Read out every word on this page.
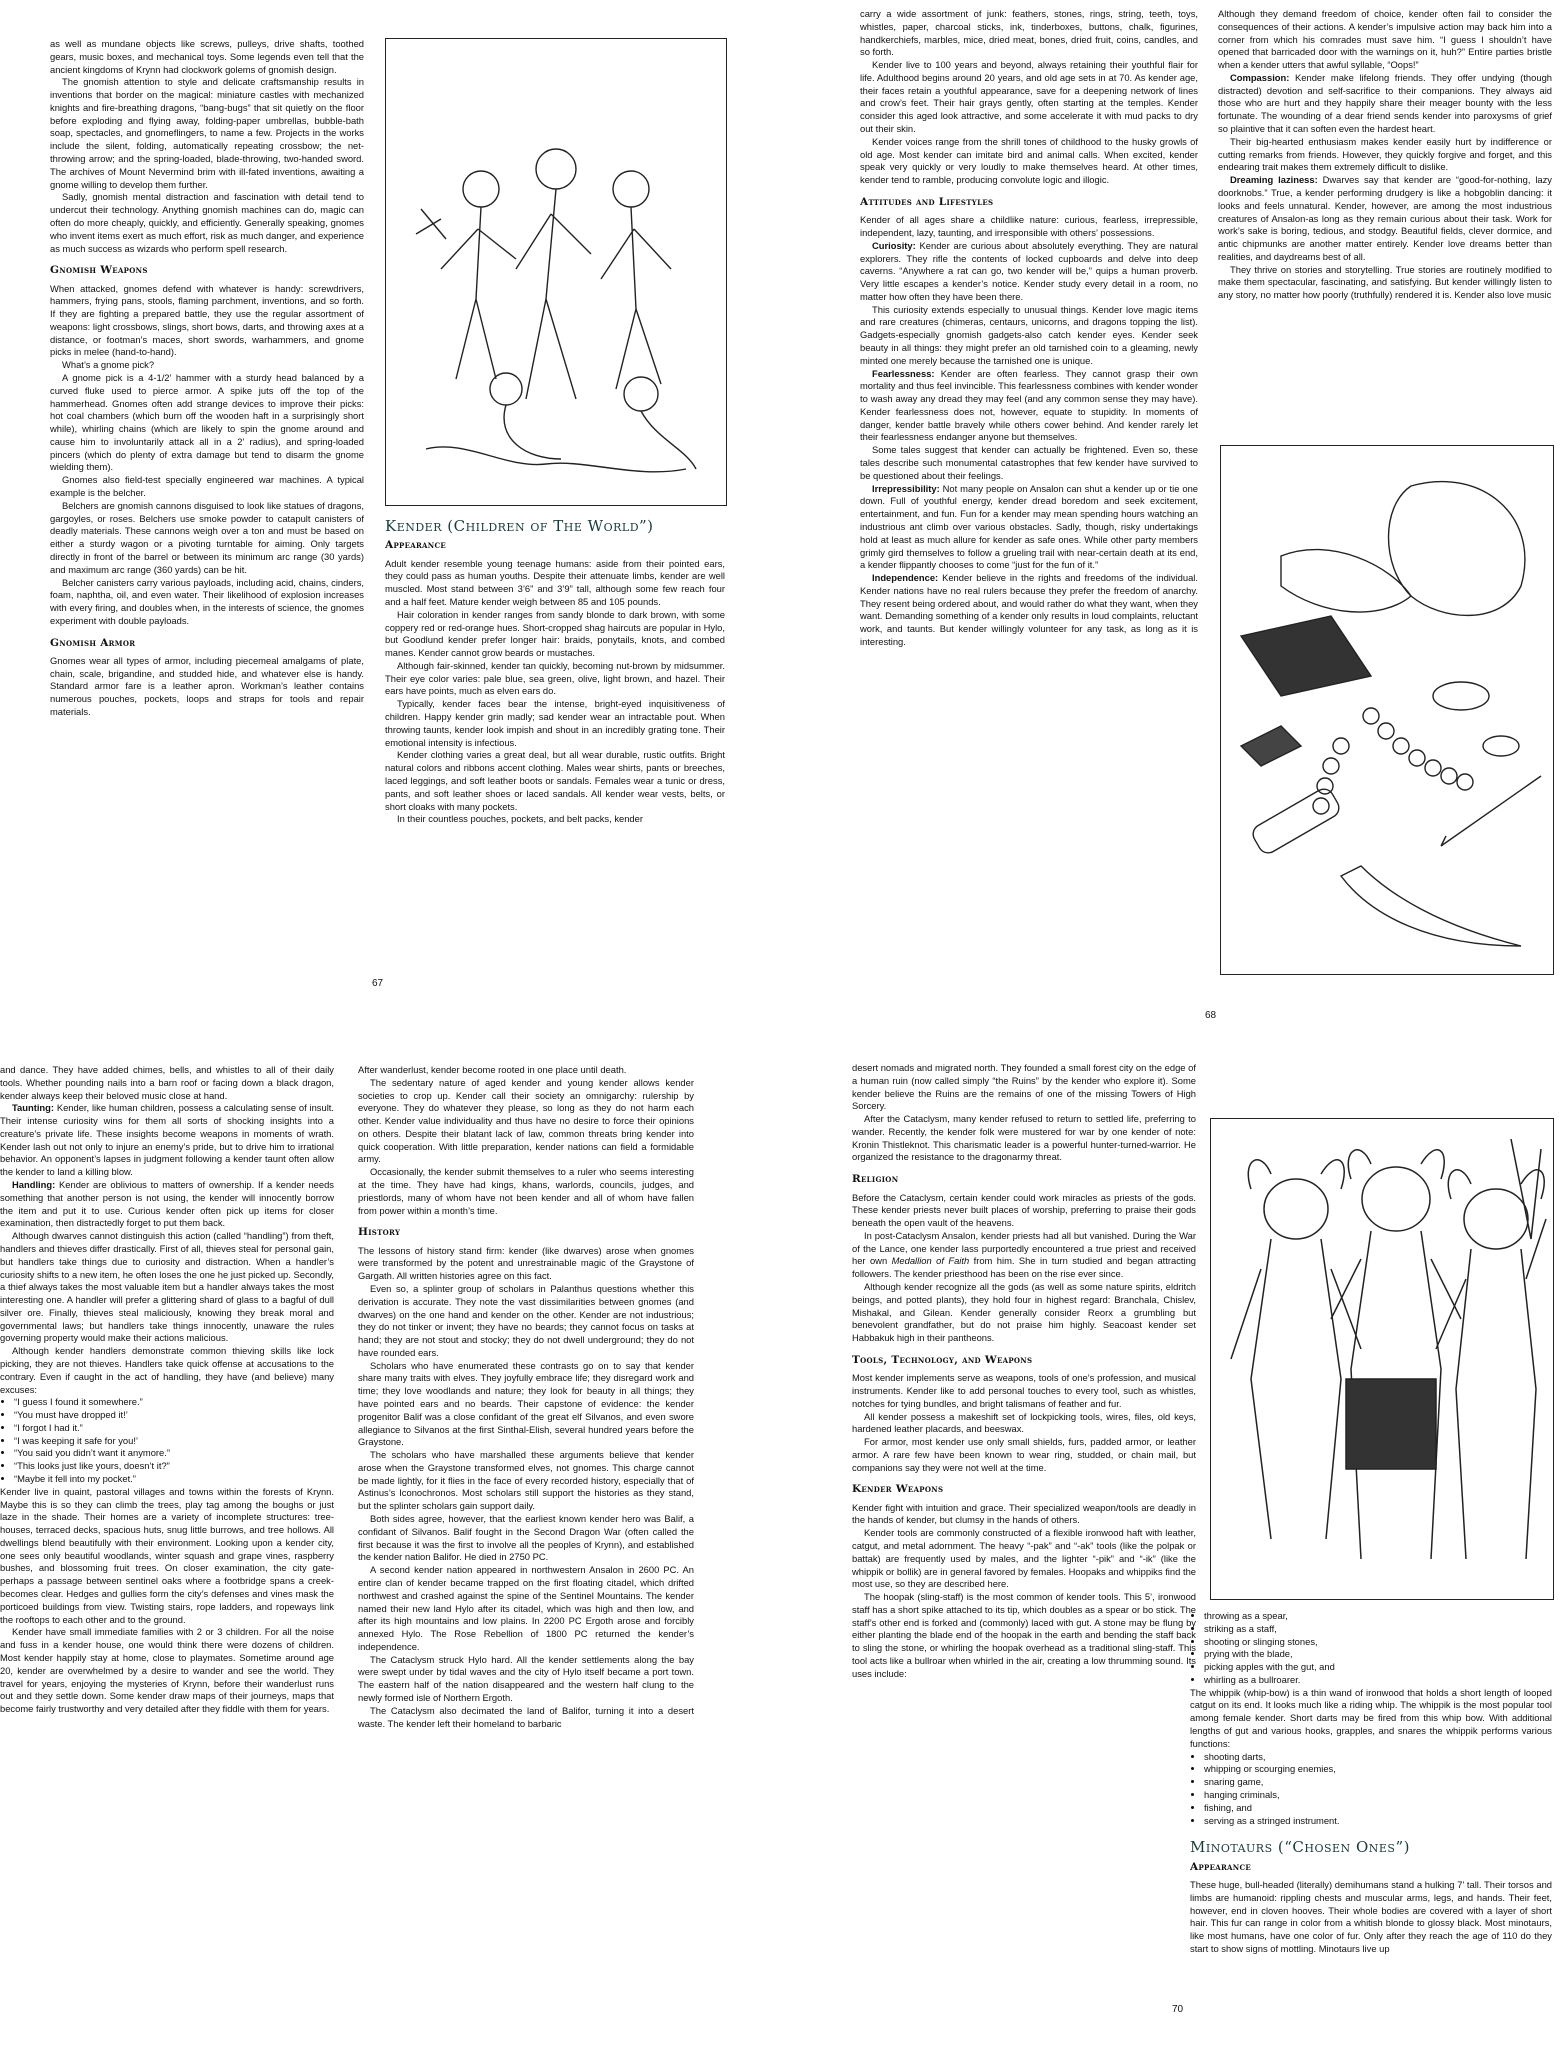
as well as mundane objects like screws, pulleys, drive shafts, toothed gears, music boxes, and mechanical toys. Some legends even tell that the ancient kingdoms of Krynn had clockwork golems of gnomish design.

The gnomish attention to style and delicate craftsmanship results in inventions that border on the magical: miniature castles with mechanized knights and fire-breathing dragons, “bang-bugs” that sit quietly on the floor before exploding and flying away, folding-paper umbrellas, bubble-bath soap, spectacles, and gnomeflingers, to name a few. Projects in the works include the silent, folding, automatically repeating crossbow; the net-throwing arrow; and the spring-loaded, blade-throwing, two-handed sword. The archives of Mount Nevermind brim with ill-fated inventions, awaiting a gnome willing to develop them further.

Sadly, gnomish mental distraction and fascination with detail tend to undercut their technology. Anything gnomish machines can do, magic can often do more cheaply, quickly, and efficiently. Generally speaking, gnomes who invent items exert as much effort, risk as much danger, and experience as much success as wizards who perform spell research.

Gnomish Weapons

When attacked, gnomes defend with whatever is handy: screwdrivers, hammers, frying pans, stools, flaming parchment, inventions, and so forth. If they are fighting a prepared battle, they use the regular assortment of weapons: light crossbows, slings, short bows, darts, and throwing axes at a distance, or footman’s maces, short swords, warhammers, and gnome picks in melee (hand-to-hand).

What’s a gnome pick?

A gnome pick is a 4-1/2’ hammer with a sturdy head balanced by a curved fluke used to pierce armor. A spike juts off the top of the hammerhead. Gnomes often add strange devices to improve their picks: hot coal chambers (which burn off the wooden haft in a surprisingly short while), whirling chains (which are likely to spin the gnome around and cause him to involuntarily attack all in a 2’ radius), and spring-loaded pincers (which do plenty of extra damage but tend to disarm the gnome wielding them).

Gnomes also field-test specially engineered war machines. A typical example is the belcher.

Belchers are gnomish cannons disguised to look like statues of dragons, gargoyles, or roses. Belchers use smoke powder to catapult canisters of deadly materials. These cannons weigh over a ton and must be based on either a sturdy wagon or a pivoting turntable for aiming. Only targets directly in front of the barrel or between its minimum arc range (30 yards) and maximum arc range (360 yards) can be hit.

Belcher canisters carry various payloads, including acid, chains, cinders, foam, naphtha, oil, and even water. Their likelihood of explosion increases with every firing, and doubles when, in the interests of science, the gnomes experiment with double payloads.

Gnomish Armor

Gnomes wear all types of armor, including piecemeal amalgams of plate, chain, scale, brigandine, and studded hide, and whatever else is handy. Standard armor fare is a leather apron. Workman’s leather contains numerous pouches, pockets, loops and straps for tools and repair materials.

Kender (Children of The World”)
Appearance

Adult kender resemble young teenage humans: aside from their pointed ears, they could pass as human youths. Despite their attenuate limbs, kender are well muscled. Most stand between 3’6” and 3’9” tall, although some few reach four and a half feet. Mature kender weigh between 85 and 105 pounds.

Hair coloration in kender ranges from sandy blonde to dark brown, with some coppery red or red-orange hues. Short-cropped shag haircuts are popular in Hylo, but Goodlund kender prefer longer hair: braids, ponytails, knots, and combed manes. Kender cannot grow beards or mustaches.

Although fair-skinned, kender tan quickly, becoming nut-brown by midsummer. Their eye color varies: pale blue, sea green, olive, light brown, and hazel. Their ears have points, much as elven ears do.

Typically, kender faces bear the intense, bright-eyed inquisitiveness of children. Happy kender grin madly; sad kender wear an intractable pout. When throwing taunts, kender look impish and shout in an incredibly grating tone. Their emotional intensity is infectious.

Kender clothing varies a great deal, but all wear durable, rustic outfits. Bright natural colors and ribbons accent clothing. Males wear shirts, pants or breeches, laced leggings, and soft leather boots or sandals. Females wear a tunic or dress, pants, and soft leather shoes or laced sandals. All kender wear vests, belts, or short cloaks with many pockets.

In their countless pouches, pockets, and belt packs, kender

67

carry a wide assortment of junk: feathers, stones, rings, string, teeth, toys, whistles, paper, charcoal sticks, ink, tinderboxes, buttons, chalk, figurines, handkerchiefs, marbles, mice, dried meat, bones, dried fruit, coins, candles, and so forth.

Kender live to 100 years and beyond, always retaining their youthful flair for life. Adulthood begins around 20 years, and old age sets in at 70. As kender age, their faces retain a youthful appearance, save for a deepening network of lines and crow’s feet. Their hair grays gently, often starting at the temples. Kender consider this aged look attractive, and some accelerate it with mud packs to dry out their skin.

Kender voices range from the shrill tones of childhood to the husky growls of old age. Most kender can imitate bird and animal calls. When excited, kender speak very quickly or very loudly to make themselves heard. At other times, kender tend to ramble, producing convolute logic and illogic.

Attitudes and Lifestyles

Kender of all ages share a childlike nature: curious, fearless, irrepressible, independent, lazy, taunting, and irresponsible with others’ possessions.

Curiosity: Kender are curious about absolutely everything. They are natural explorers. They rifle the contents of locked cupboards and delve into deep caverns. “Anywhere a rat can go, two kender will be,” quips a human proverb. Very little escapes a kender’s notice. Kender study every detail in a room, no matter how often they have been there.

This curiosity extends especially to unusual things. Kender love magic items and rare creatures (chimeras, centaurs, unicorns, and dragons topping the list). Gadgets-especially gnomish gadgets-also catch kender eyes. Kender seek beauty in all things: they might prefer an old tarnished coin to a gleaming, newly minted one merely because the tarnished one is unique.

Fearlessness: Kender are often fearless. They cannot grasp their own mortality and thus feel invincible. This fearlessness combines with kender wonder to wash away any dread they may feel (and any common sense they may have). Kender fearlessness does not, however, equate to stupidity. In moments of danger, kender battle bravely while others cower behind. And kender rarely let their fearlessness endanger anyone but themselves.

Some tales suggest that kender can actually be frightened. Even so, these tales describe such monumental catastrophes that few kender have survived to be questioned about their feelings.

Irrepressibility: Not many people on Ansalon can shut a kender up or tie one down. Full of youthful energy, kender dread boredom and seek excitement, entertainment, and fun. Fun for a kender may mean spending hours watching an industrious ant climb over various obstacles. Sadly, though, risky undertakings hold at least as much allure for kender as safe ones. While other party members grimly gird themselves to follow a grueling trail with near-certain death at its end, a kender flippantly chooses to come “just for the fun of it.”

Independence: Kender believe in the rights and freedoms of the individual. Kender nations have no real rulers because they prefer the freedom of anarchy. They resent being ordered about, and would rather do what they want, when they want. Demanding something of a kender only results in loud complaints, reluctant work, and taunts. But kender willingly volunteer for any task, as long as it is interesting.

Although they demand freedom of choice, kender often fail to consider the consequences of their actions. A kender’s impulsive action may back him into a corner from which his comrades must save him. “I guess I shouldn’t have opened that barricaded door with the warnings on it, huh?” Entire parties bristle when a kender utters that awful syllable, “Oops!”

Compassion: Kender make lifelong friends. They offer undying (though distracted) devotion and self-sacrifice to their companions. They always aid those who are hurt and they happily share their meager bounty with the less fortunate. The wounding of a dear friend sends kender into paroxysms of grief so plaintive that it can soften even the hardest heart.

Their big-hearted enthusiasm makes kender easily hurt by indifference or cutting remarks from friends. However, they quickly forgive and forget, and this endearing trait makes them extremely difficult to dislike.

Dreaming laziness: Dwarves say that kender are “good-for-nothing, lazy doorknobs.” True, a kender performing drudgery is like a hobgoblin dancing: it looks and feels unnatural. Kender, however, are among the most industrious creatures of Ansalon-as long as they remain curious about their task. Work for work’s sake is boring, tedious, and stodgy. Beautiful fields, clever dormice, and antic chipmunks are another matter entirely. Kender love dreams better than realities, and daydreams best of all.

They thrive on stories and storytelling. True stories are routinely modified to make them spectacular, fascinating, and satisfying. But kender willingly listen to any story, no matter how poorly (truthfully) rendered it is. Kender also love music

68

and dance. They have added chimes, bells, and whistles to all of their daily tools. Whether pounding nails into a barn roof or facing down a black dragon, kender always keep their beloved music close at hand.

Taunting: Kender, like human children, possess a calculating sense of insult. Their intense curiosity wins for them all sorts of shocking insights into a creature’s private life. These insights become weapons in moments of wrath. Kender lash out not only to injure an enemy’s pride, but to drive him to irrational behavior. An opponent’s lapses in judgment following a kender taunt often allow the kender to land a killing blow.

Handling: Kender are oblivious to matters of ownership. If a kender needs something that another person is not using, the kender will innocently borrow the item and put it to use. Curious kender often pick up items for closer examination, then distractedly forget to put them back.

Although dwarves cannot distinguish this action (called “handling”) from theft, handlers and thieves differ drastically. First of all, thieves steal for personal gain, but handlers take things due to curiosity and distraction. When a handler’s curiosity shifts to a new item, he often loses the one he just picked up. Secondly, a thief always takes the most valuable item but a handler always takes the most interesting one. A handler will prefer a glittering shard of glass to a bagful of dull silver ore. Finally, thieves steal maliciously, knowing they break moral and governmental laws; but handlers take things innocently, unaware the rules governing property would make their actions malicious.

Although kender handlers demonstrate common thieving skills like lock picking, they are not thieves. Handlers take quick offense at accusations to the contrary. Even if caught in the act of handling, they have (and believe) many excuses:

• “I guess I found it somewhere.”
• “You must have dropped it!’
• “I forgot I had it.”
• “I was keeping it safe for you!’
• “You said you didn’t want it anymore.”
• “This looks just like yours, doesn’t it?”
• “Maybe it fell into my pocket.”

Kender live in quaint, pastoral villages and towns within the forests of Krynn. Maybe this is so they can climb the trees, play tag among the boughs or just laze in the shade. Their homes are a variety of incomplete structures: tree-houses, terraced decks, spacious huts, snug little burrows, and tree hollows. All dwellings blend beautifully with their environment. Looking upon a kender city, one sees only beautiful woodlands, winter squash and grape vines, raspberry bushes, and blossoming fruit trees. On closer examination, the city gate-perhaps a passage between sentinel oaks where a footbridge spans a creek-becomes clear. Hedges and gullies form the city’s defenses and vines mask the porticoed buildings from view. Twisting stairs, rope ladders, and ropeways link the rooftops to each other and to the ground.

Kender have small immediate families with 2 or 3 children. For all the noise and fuss in a kender house, one would think there were dozens of children. Most kender happily stay at home, close to playmates. Sometime around age 20, kender are overwhelmed by a desire to wander and see the world. They travel for years, enjoying the mysteries of Krynn, before their wanderlust runs out and they settle down. Some kender draw maps of their journeys, maps that become fairly trustworthy and very detailed after they fiddle with them for years.

After wanderlust, kender become rooted in one place until death.

The sedentary nature of aged kender and young kender allows kender societies to crop up. Kender call their society an omnigarchy: rulership by everyone. They do whatever they please, so long as they do not harm each other. Kender value individuality and thus have no desire to force their opinions on others. Despite their blatant lack of law, common threats bring kender into quick cooperation. With little preparation, kender nations can field a formidable army.

Occasionally, the kender submit themselves to a ruler who seems interesting at the time. They have had kings, khans, warlords, councils, judges, and priestlords, many of whom have not been kender and all of whom have fallen from power within a month’s time.

History

The lessons of history stand firm: kender (like dwarves) arose when gnomes were transformed by the potent and unrestrainable magic of the Graystone of Gargath. All written histories agree on this fact.

Even so, a splinter group of scholars in Palanthus questions whether this derivation is accurate. They note the vast dissimilarities between gnomes (and dwarves) on the one hand and kender on the other. Kender are not industrious; they do not tinker or invent; they have no beards; they cannot focus on tasks at hand; they are not stout and stocky; they do not dwell underground; they do not have rounded ears.

Scholars who have enumerated these contrasts go on to say that kender share many traits with elves. They joyfully embrace life; they disregard work and time; they love woodlands and nature; they look for beauty in all things; they have pointed ears and no beards. Their capstone of evidence: the kender progenitor Balif was a close confidant of the great elf Silvanos, and even swore allegiance to Silvanos at the first Sinthal-Elish, several hundred years before the Graystone.

The scholars who have marshalled these arguments believe that kender arose when the Graystone transformed elves, not gnomes. This charge cannot be made lightly, for it flies in the face of every recorded history, especially that of Astinus’s Iconochronos. Most scholars still support the histories as they stand, but the splinter scholars gain support daily.

Both sides agree, however, that the earliest known kender hero was Balif, a confidant of Silvanos. Balif fought in the Second Dragon War (often called the first because it was the first to involve all the peoples of Krynn), and established the kender nation Balifor. He died in 2750 PC.

A second kender nation appeared in northwestern Ansalon in 2600 PC. An entire clan of kender became trapped on the first floating citadel, which drifted northwest and crashed against the spine of the Sentinel Mountains. The kender named their new land Hylo after its citadel, which was high and then low, and after its high mountains and low plains. In 2200 PC Ergoth arose and forcibly annexed Hylo. The Rose Rebellion of 1800 PC returned the kender’s independence.

The Cataclysm struck Hylo hard. All the kender settlements along the bay were swept under by tidal waves and the city of Hylo itself became a port town. The eastern half of the nation disappeared and the western half clung to the newly formed isle of Northern Ergoth.

The Cataclysm also decimated the land of Balifor, turning it into a desert waste. The kender left their homeland to barbaric

desert nomads and migrated north. They founded a small forest city on the edge of a human ruin (now called simply “the Ruins” by the kender who explore it). Some kender believe the Ruins are the remains of one of the missing Towers of High Sorcery.

After the Cataclysm, many kender refused to return to settled life, preferring to wander. Recently, the kender folk were mustered for war by one kender of note: Kronin Thistleknot. This charismatic leader is a powerful hunter-turned-warrior. He organized the resistance to the dragonarmy threat.

Religion

Before the Cataclysm, certain kender could work miracles as priests of the gods. These kender priests never built places of worship, preferring to praise their gods beneath the open vault of the heavens.

In post-Cataclysm Ansalon, kender priests had all but vanished. During the War of the Lance, one kender lass purportedly encountered a true priest and received her own Medallion of Faith from him. She in turn studied and began attracting followers. The kender priesthood has been on the rise ever since.

Although kender recognize all the gods (as well as some nature spirits, eldritch beings, and potted plants), they hold four in highest regard: Branchala, Chislev, Mishakal, and Gilean. Kender generally consider Reorx a grumbling but benevolent grandfather, but do not praise him highly. Seacoast kender set Habbakuk high in their pantheons.

Tools, Technology, and Weapons

Most kender implements serve as weapons, tools of one’s profession, and musical instruments. Kender like to add personal touches to every tool, such as whistles, notches for tying bundles, and bright talismans of feather and fur.

All kender possess a makeshift set of lockpicking tools, wires, files, old keys, hardened leather placards, and beeswax.

For armor, most kender use only small shields, furs, padded armor, or leather armor. A rare few have been known to wear ring, studded, or chain mail, but companions say they were not well at the time.

Kender Weapons

Kender fight with intuition and grace. Their specialized weapon/tools are deadly in the hands of kender, but clumsy in the hands of others.

Kender tools are commonly constructed of a flexible ironwood haft with leather, catgut, and metal adornment. The heavy “-pak” and “-ak” tools (like the polpak or battak) are frequently used by males, and the lighter “-pik” and “-ik” (like the whippik or bollik) are in general favored by females. Hoopaks and whippiks find the most use, so they are described here.

The hoopak (sling-staff) is the most common of kender tools. This 5’, ironwood staff has a short spike attached to its tip, which doubles as a spear or bo stick. The staff’s other end is forked and (commonly) laced with gut. A stone may be flung by either planting the blade end of the hoopak in the earth and bending the staff back to sling the stone, or whirling the hoopak overhead as a traditional sling-staff. This tool acts like a bullroar when whirled in the air, creating a low thrumming sound. Its uses include:

• throwing as a spear,
• striking as a staff,
• shooting or slinging stones,
• prying with the blade,
• picking apples with the gut, and
• whirling as a bullroarer.

The whippik (whip-bow) is a thin wand of ironwood that holds a short length of looped catgut on its end. It looks much like a riding whip. The whippik is the most popular tool among female kender. Short darts may be fired from this whip bow. With additional lengths of gut and various hooks, grapples, and snares the whippik performs various functions:

• shooting darts,
• whipping or scourging enemies,
• snaring game,
• hanging criminals,
• fishing, and
• serving as a stringed instrument.
Minotaurs (“Chosen Ones”)
Appearance

These huge, bull-headed (literally) demihumans stand a hulking 7’ tall. Their torsos and limbs are humanoid: rippling chests and muscular arms, legs, and hands. Their feet, however, end in cloven hooves. Their whole bodies are covered with a layer of short hair. This fur can range in color from a whitish blonde to glossy black. Most minotaurs, like most humans, have one color of fur. Only after they reach the age of 110 do they start to show signs of mottling. Minotaurs live up

70
